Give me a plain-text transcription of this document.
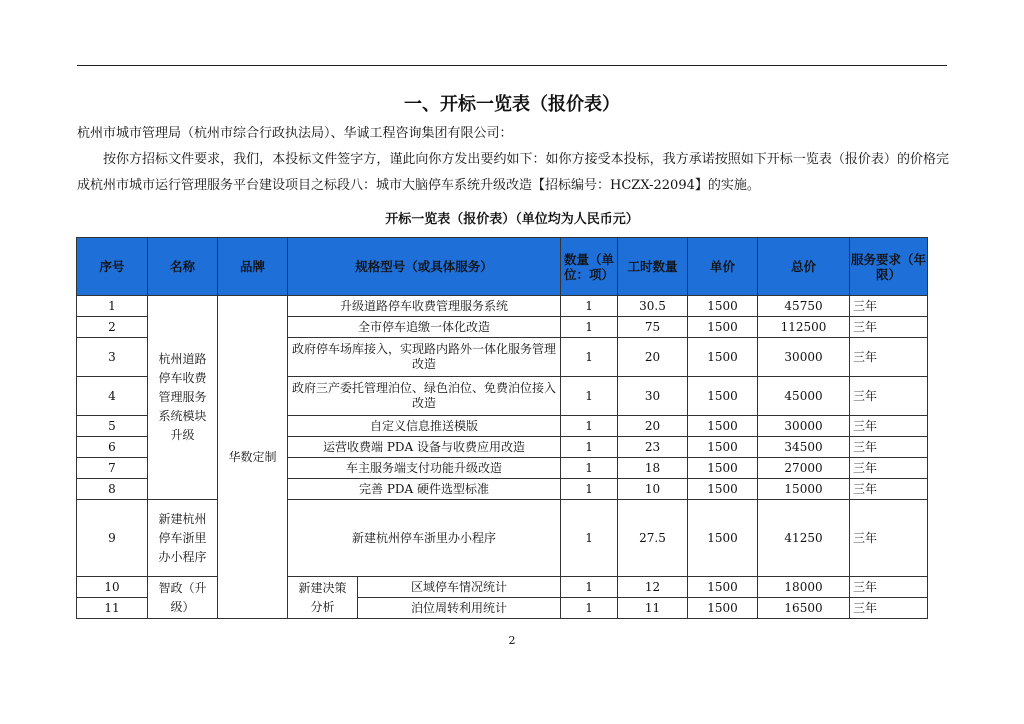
一、开标一览表（报价表）
杭州市城市管理局（杭州市综合行政执法局）、华诚工程咨询集团有限公司：
按你方招标文件要求，我们，本投标文件签字方，谨此向你方发出要约如下：如你方接受本投标，我方承诺按照如下开标一览表（报价表）的价格完成杭州市城市运行管理服务平台建设项目之标段八：城市大脑停车系统升级改造【招标编号：HCZX-22094】的实施。
开标一览表（报价表）（单位均为人民币元）
序号	名称	品牌	规格型号（或具体服务）		数量（单位：项）	工时数量	单价	总价	服务要求（年限）
1	杭州道路停车收费管理服务系统模块升级	华数定制	升级道路停车收费管理服务系统		1	30.5	1500	45750	三年
2			全市停车追缴一体化改造		1	75	1500	112500	三年
3			政府停车场库接入，实现路内路外一体化服务管理改造		1	20	1500	30000	三年
4			政府三产委托管理泊位、绿色泊位、免费泊位接入改造		1	30	1500	45000	三年
5			自定义信息推送模版		1	20	1500	30000	三年
6			运营收费端 PDA 设备与收费应用改造		1	23	1500	34500	三年
7			车主服务端支付功能升级改造		1	18	1500	27000	三年
8			完善 PDA 硬件选型标准		1	10	1500	15000	三年
9	新建杭州停车浙里办小程序		新建杭州停车浙里办小程序		1	27.5	1500	41250	三年
10	智政（升级）		新建决策分析	区域停车情况统计	1	12	1500	18000	三年
11				泊位周转利用统计	1	11	1500	16500	三年
2
